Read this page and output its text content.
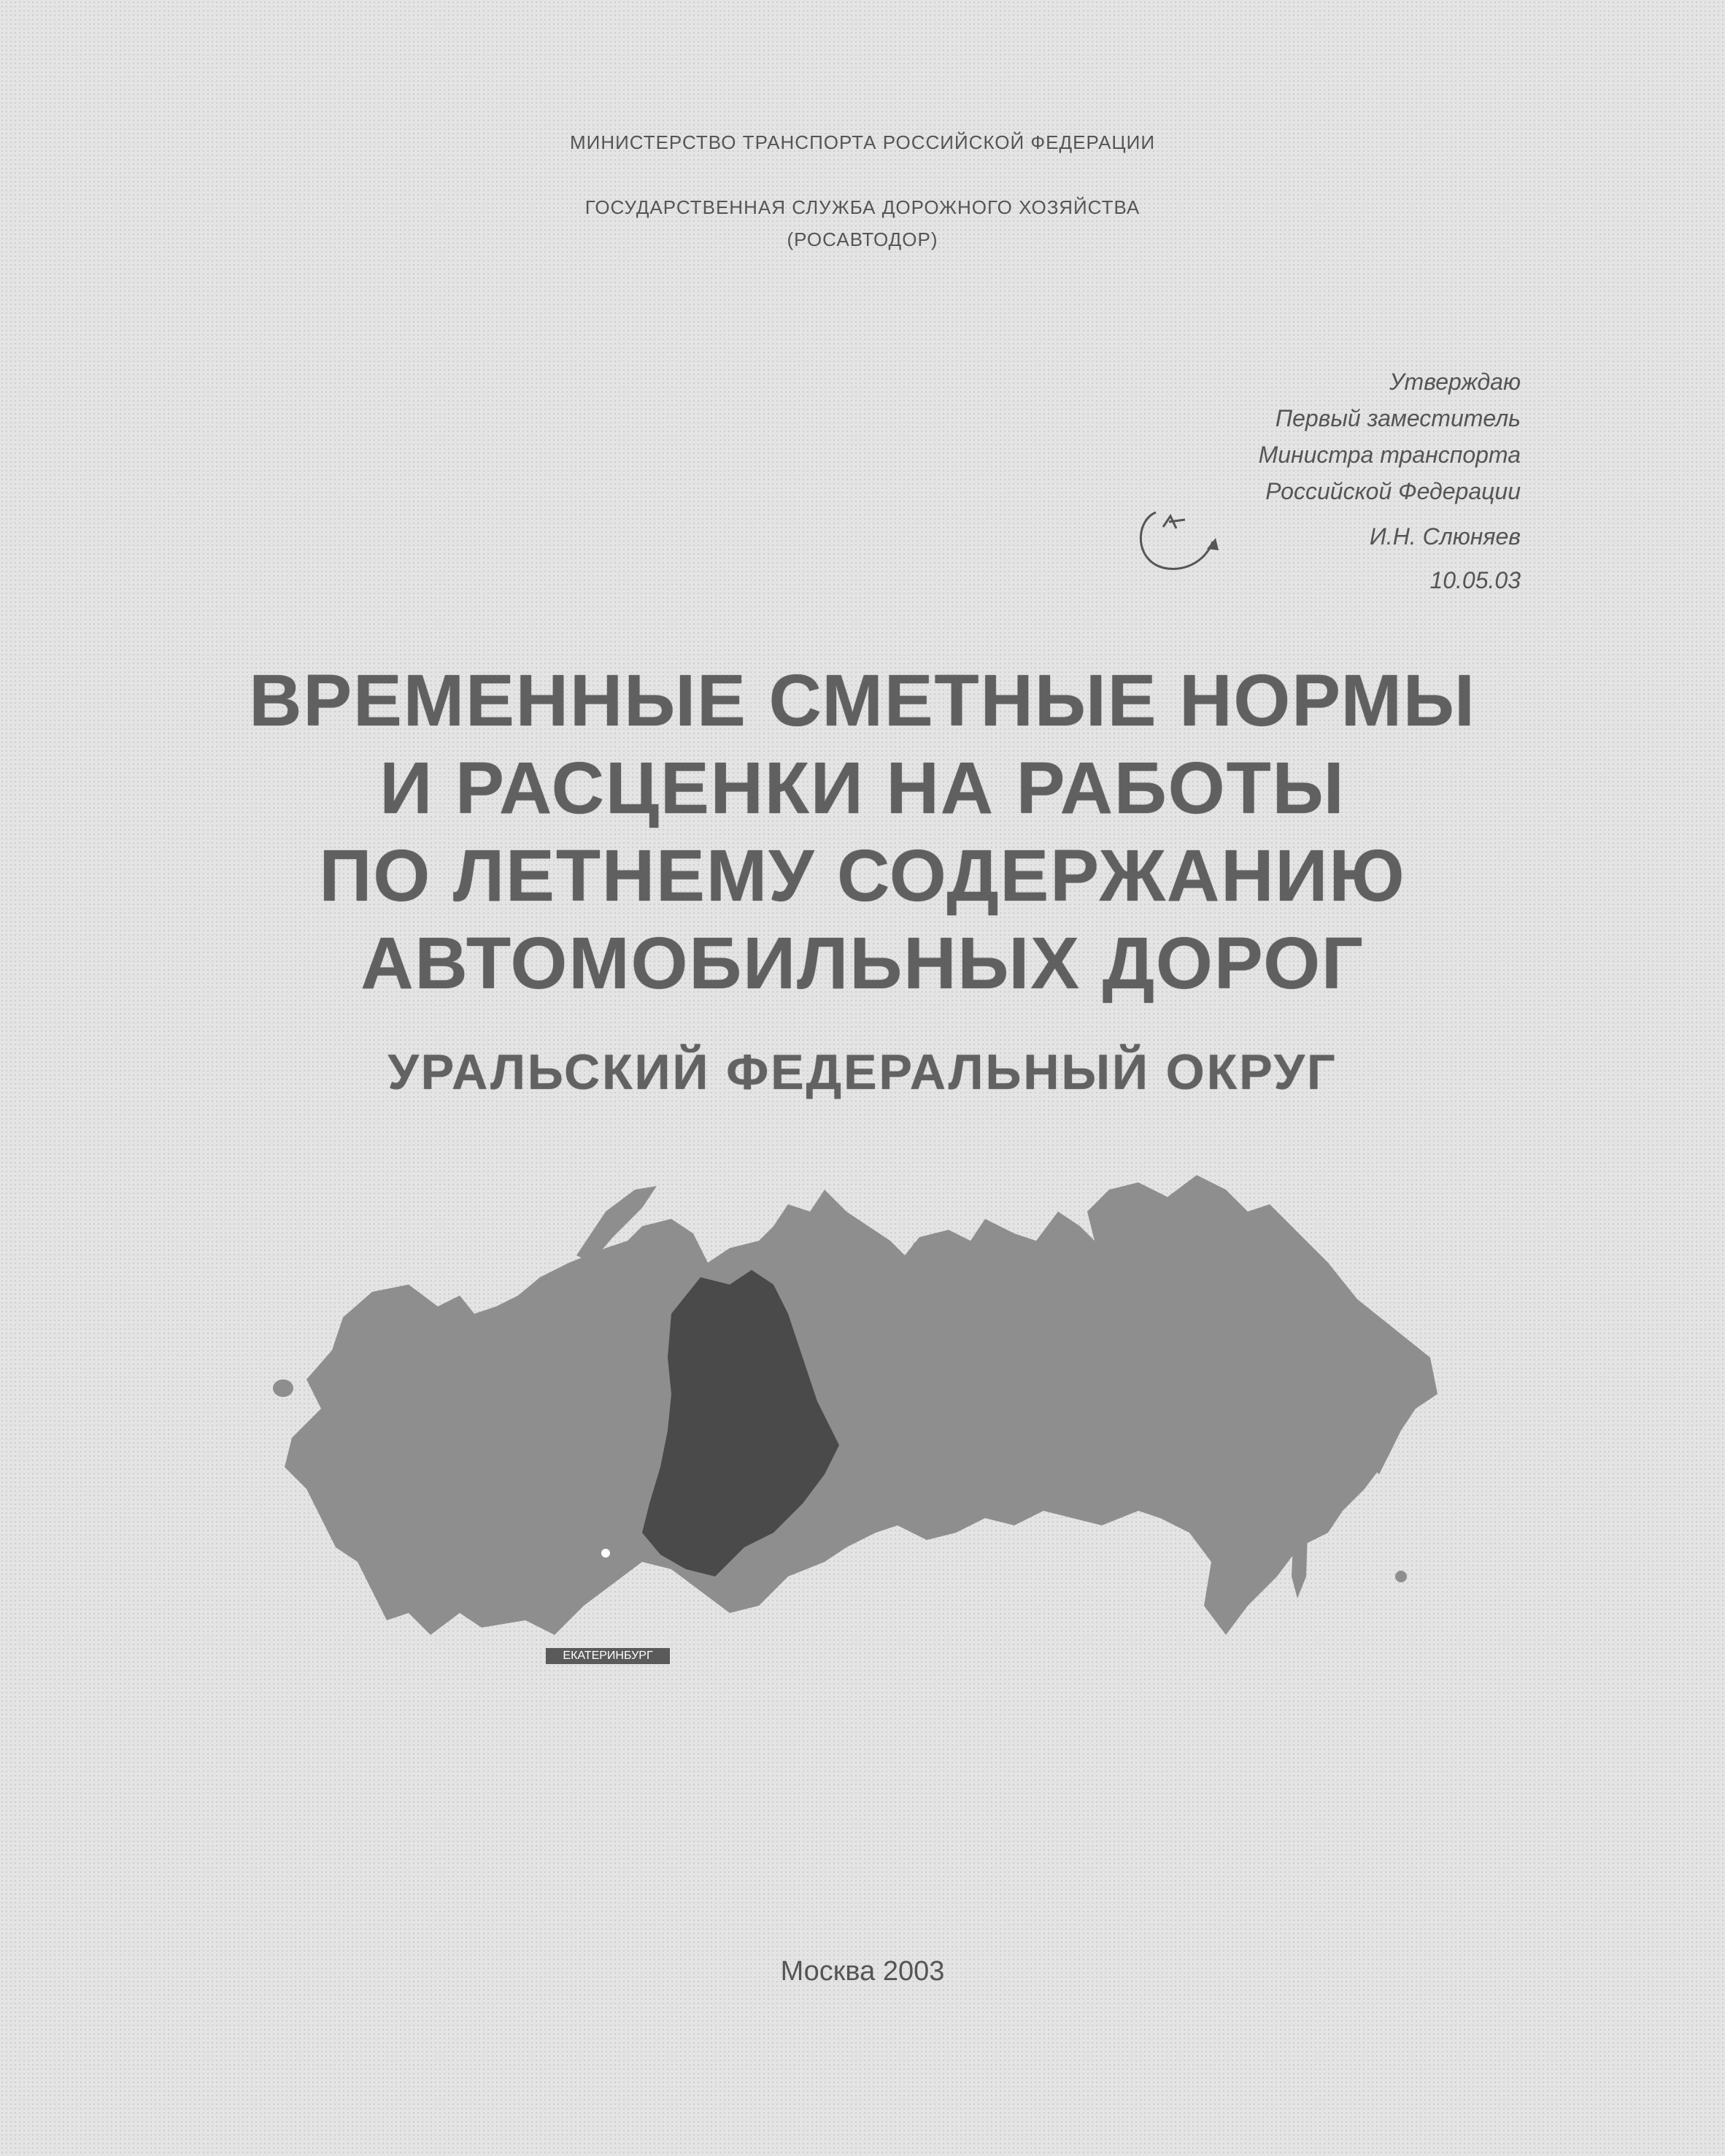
МИНИСТЕРСТВО ТРАНСПОРТА РОССИЙСКОЙ ФЕДЕРАЦИИ
ГОСУДАРСТВЕННАЯ СЛУЖБА ДОРОЖНОГО ХОЗЯЙСТВА
(РОСАВТОДОР)
Утверждаю
Первый заместитель
Министра транспорта
Российской Федерации
И.Н. Слюняев
10.05.03
ВРЕМЕННЫЕ СМЕТНЫЕ НОРМЫ
И РАСЦЕНКИ НА РАБОТЫ
ПО ЛЕТНЕМУ СОДЕРЖАНИЮ
АВТОМОБИЛЬНЫХ ДОРОГ
УРАЛЬСКИЙ ФЕДЕРАЛЬНЫЙ ОКРУГ
ЕКАТЕРИНБУРГ
Москва 2003
